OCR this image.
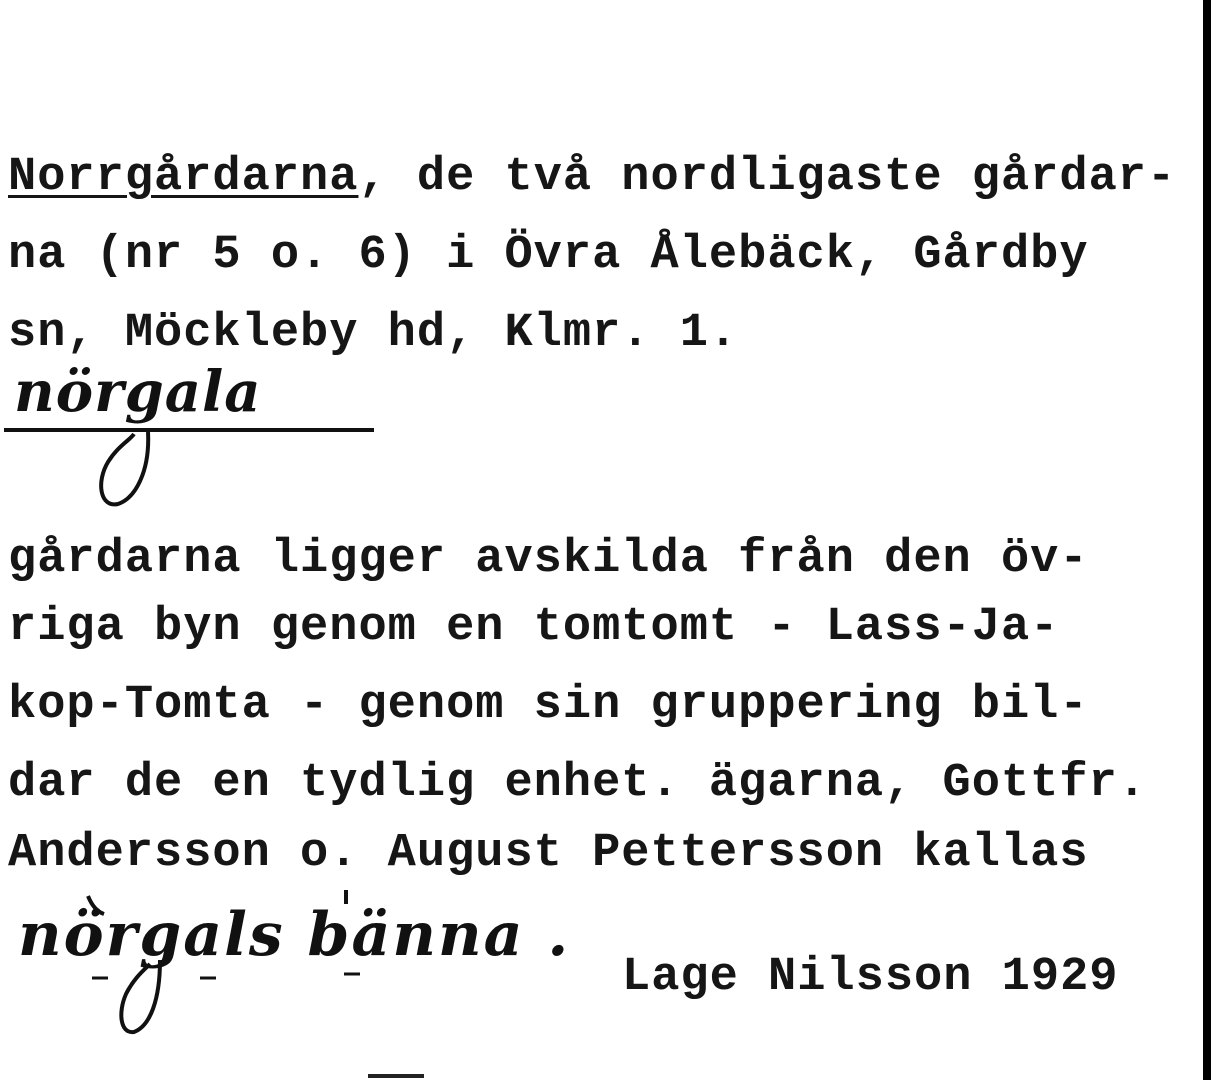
Norrgårdarna, de två nordligaste gårdar-
na (nr 5 o. 6) i Övra Ålebäck, Gårdby
sn, Möckleby hd, Klmr. 1.
nörgala
gårdarna ligger avskilda från den öv-
riga byn genom en tomtomt - Lass-Ja-
kop-Tomta - genom sin gruppering bil-
dar de en tydlig enhet. ägarna, Gottfr.
Andersson o. August Pettersson kallas
nörgals bänna .
Lage Nilsson 1929
